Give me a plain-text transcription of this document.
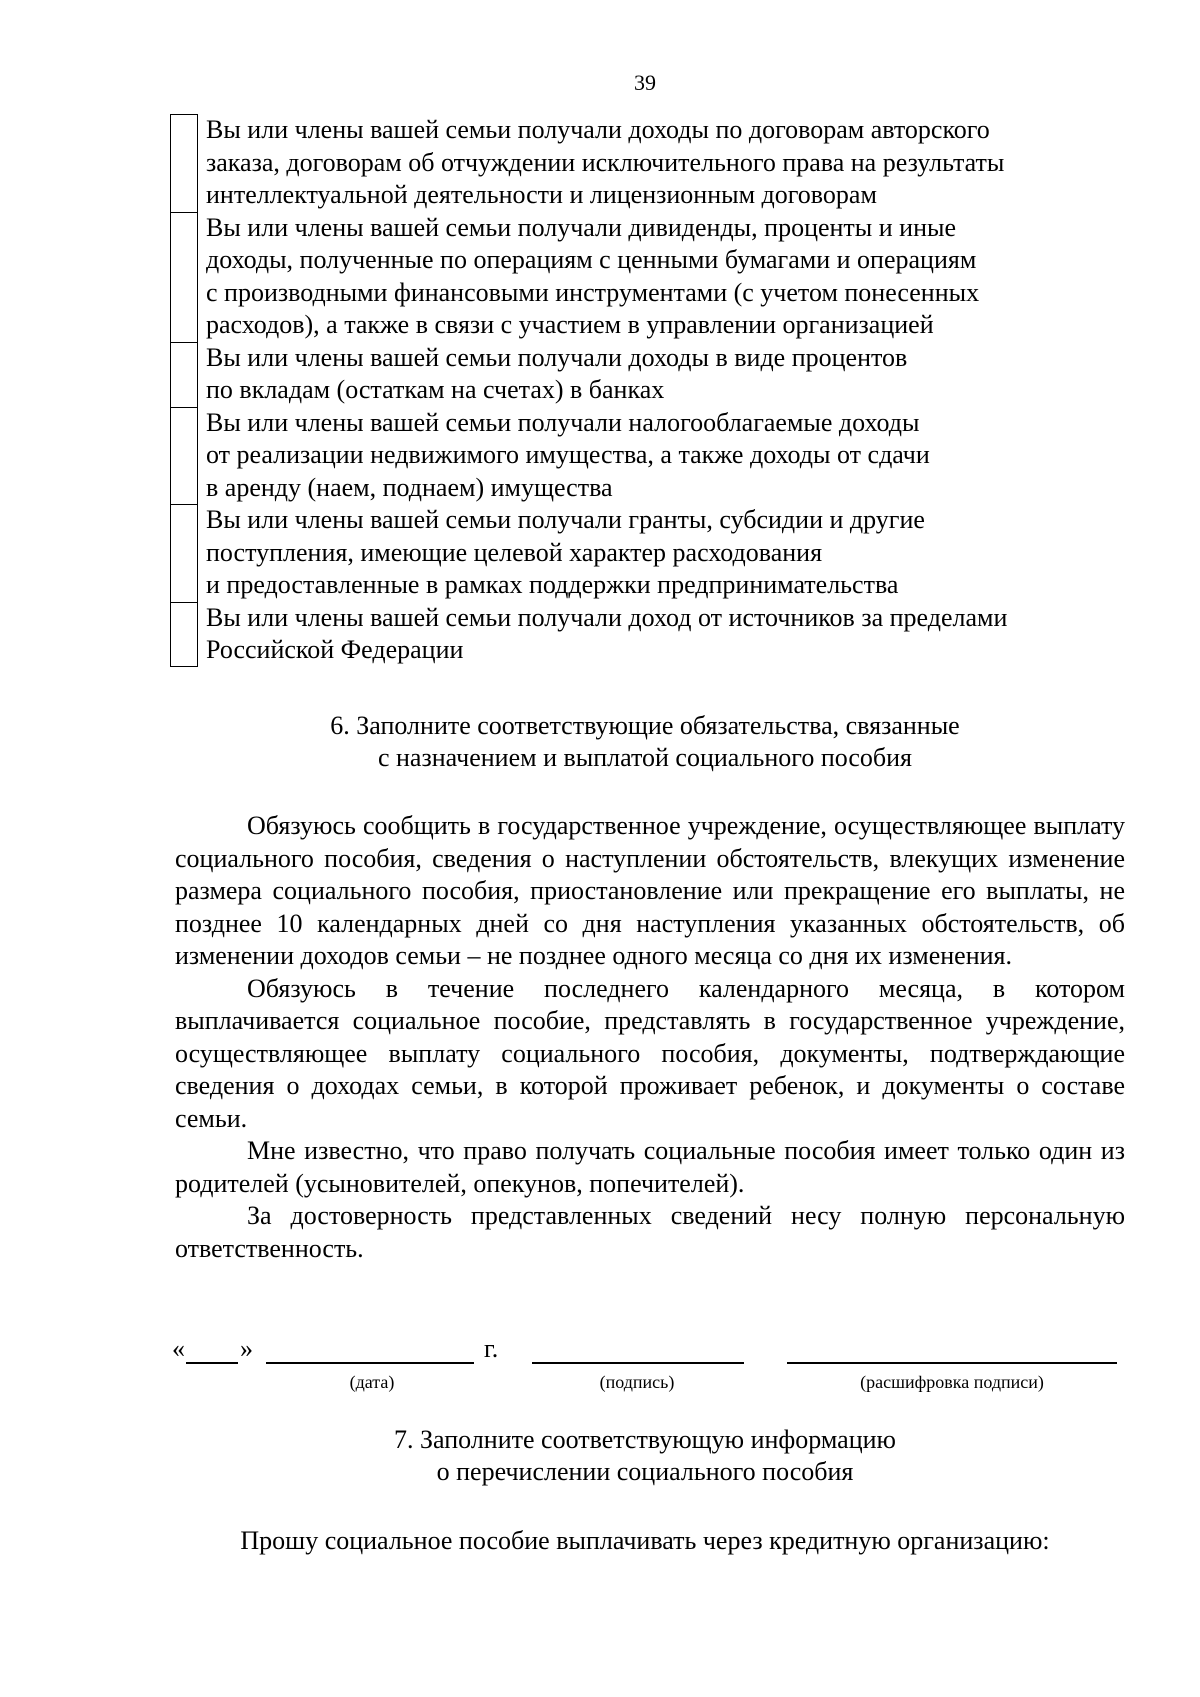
39
Вы или члены вашей семьи получали доходы по договорам авторского
заказа, договорам об отчуждении исключительного права на результаты
интеллектуальной деятельности и лицензионным договорам
Вы или члены вашей семьи получали дивиденды, проценты и иные
доходы, полученные по операциям с ценными бумагами и операциям
с производными финансовыми инструментами (с учетом понесенных
расходов), а также в связи с участием в управлении организацией
Вы или члены вашей семьи получали доходы в виде процентов
по вкладам (остаткам на счетах) в банках
Вы или члены вашей семьи получали налогооблагаемые доходы
от реализации недвижимого имущества, а также доходы от сдачи
в аренду (наем, поднаем) имущества
Вы или члены вашей семьи получали гранты, субсидии и другие
поступления, имеющие целевой характер расходования
и предоставленные в рамках поддержки предпринимательства
Вы или члены вашей семьи получали доход от источников за пределами
Российской Федерации
6. Заполните соответствующие обязательства, связанные
с назначением и выплатой социального пособия

Обязуюсь сообщить в государственное учреждение, осуществляющее выплату социального пособия, сведения о наступлении обстоятельств, влекущих изменение размера социального пособия, приостановление или прекращение его выплаты, не позднее 10 календарных дней со дня наступления указанных обстоятельств, об изменении доходов семьи – не позднее одного месяца со дня их изменения.

Обязуюсь в течение последнего календарного месяца, в котором выплачивается социальное пособие, представлять в государственное учреждение, осуществляющее выплату социального пособия, документы, подтверждающие сведения о доходах семьи, в которой проживает ребенок, и документы о составе семьи.

Мне известно, что право получать социальные пособия имеет только один из родителей (усыновителей, опекунов, попечителей).

За достоверность представленных сведений несу полную персональную ответственность.

« »	г.
(дата)	(подпись)	(расшифровка подписи)
7. Заполните соответствующую информацию
о перечислении социального пособия
Прошу социальное пособие выплачивать через кредитную организацию:
